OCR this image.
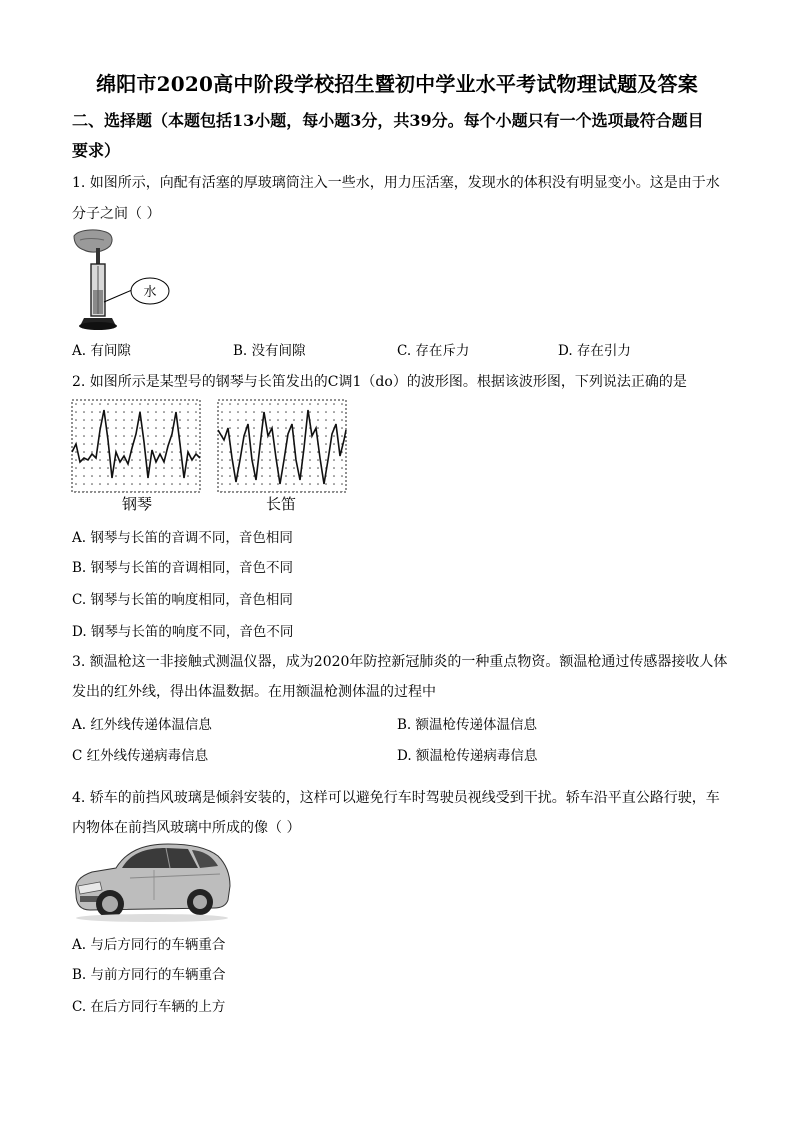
绵阳市2020高中阶段学校招生暨初中学业水平考试物理试题及答案
二、选择题（本题包括13小题，每小题3分，共39分。每个小题只有一个选项最符合题目
要求）
1. 如图所示，向配有活塞的厚玻璃筒注入一些水，用力压活塞，发现水的体积没有明显变小。这是由于水
分子之间（ ）
水
A. 有间隙	B. 没有间隙	C. 存在斥力	D. 存在引力
2. 如图所示是某型号的钢琴与长笛发出的C调1（do）的波形图。根据该波形图，下列说法正确的是
钢琴	长笛
A. 钢琴与长笛的音调不同，音色相同
B. 钢琴与长笛的音调相同，音色不同
C. 钢琴与长笛的响度相同，音色相同
D. 钢琴与长笛的响度不同，音色不同
3. 额温枪这一非接触式测温仪器，成为2020年防控新冠肺炎的一种重点物资。额温枪通过传感器接收人体
发出的红外线，得出体温数据。在用额温枪测体温的过程中
A. 红外线传递体温信息	B. 额温枪传递体温信息
C 红外线传递病毒信息	D. 额温枪传递病毒信息
4. 轿车的前挡风玻璃是倾斜安装的，这样可以避免行车时驾驶员视线受到干扰。轿车沿平直公路行驶，车
内物体在前挡风玻璃中所成的像（ ）
A. 与后方同行的车辆重合
B. 与前方同行的车辆重合
C. 在后方同行车辆的上方
